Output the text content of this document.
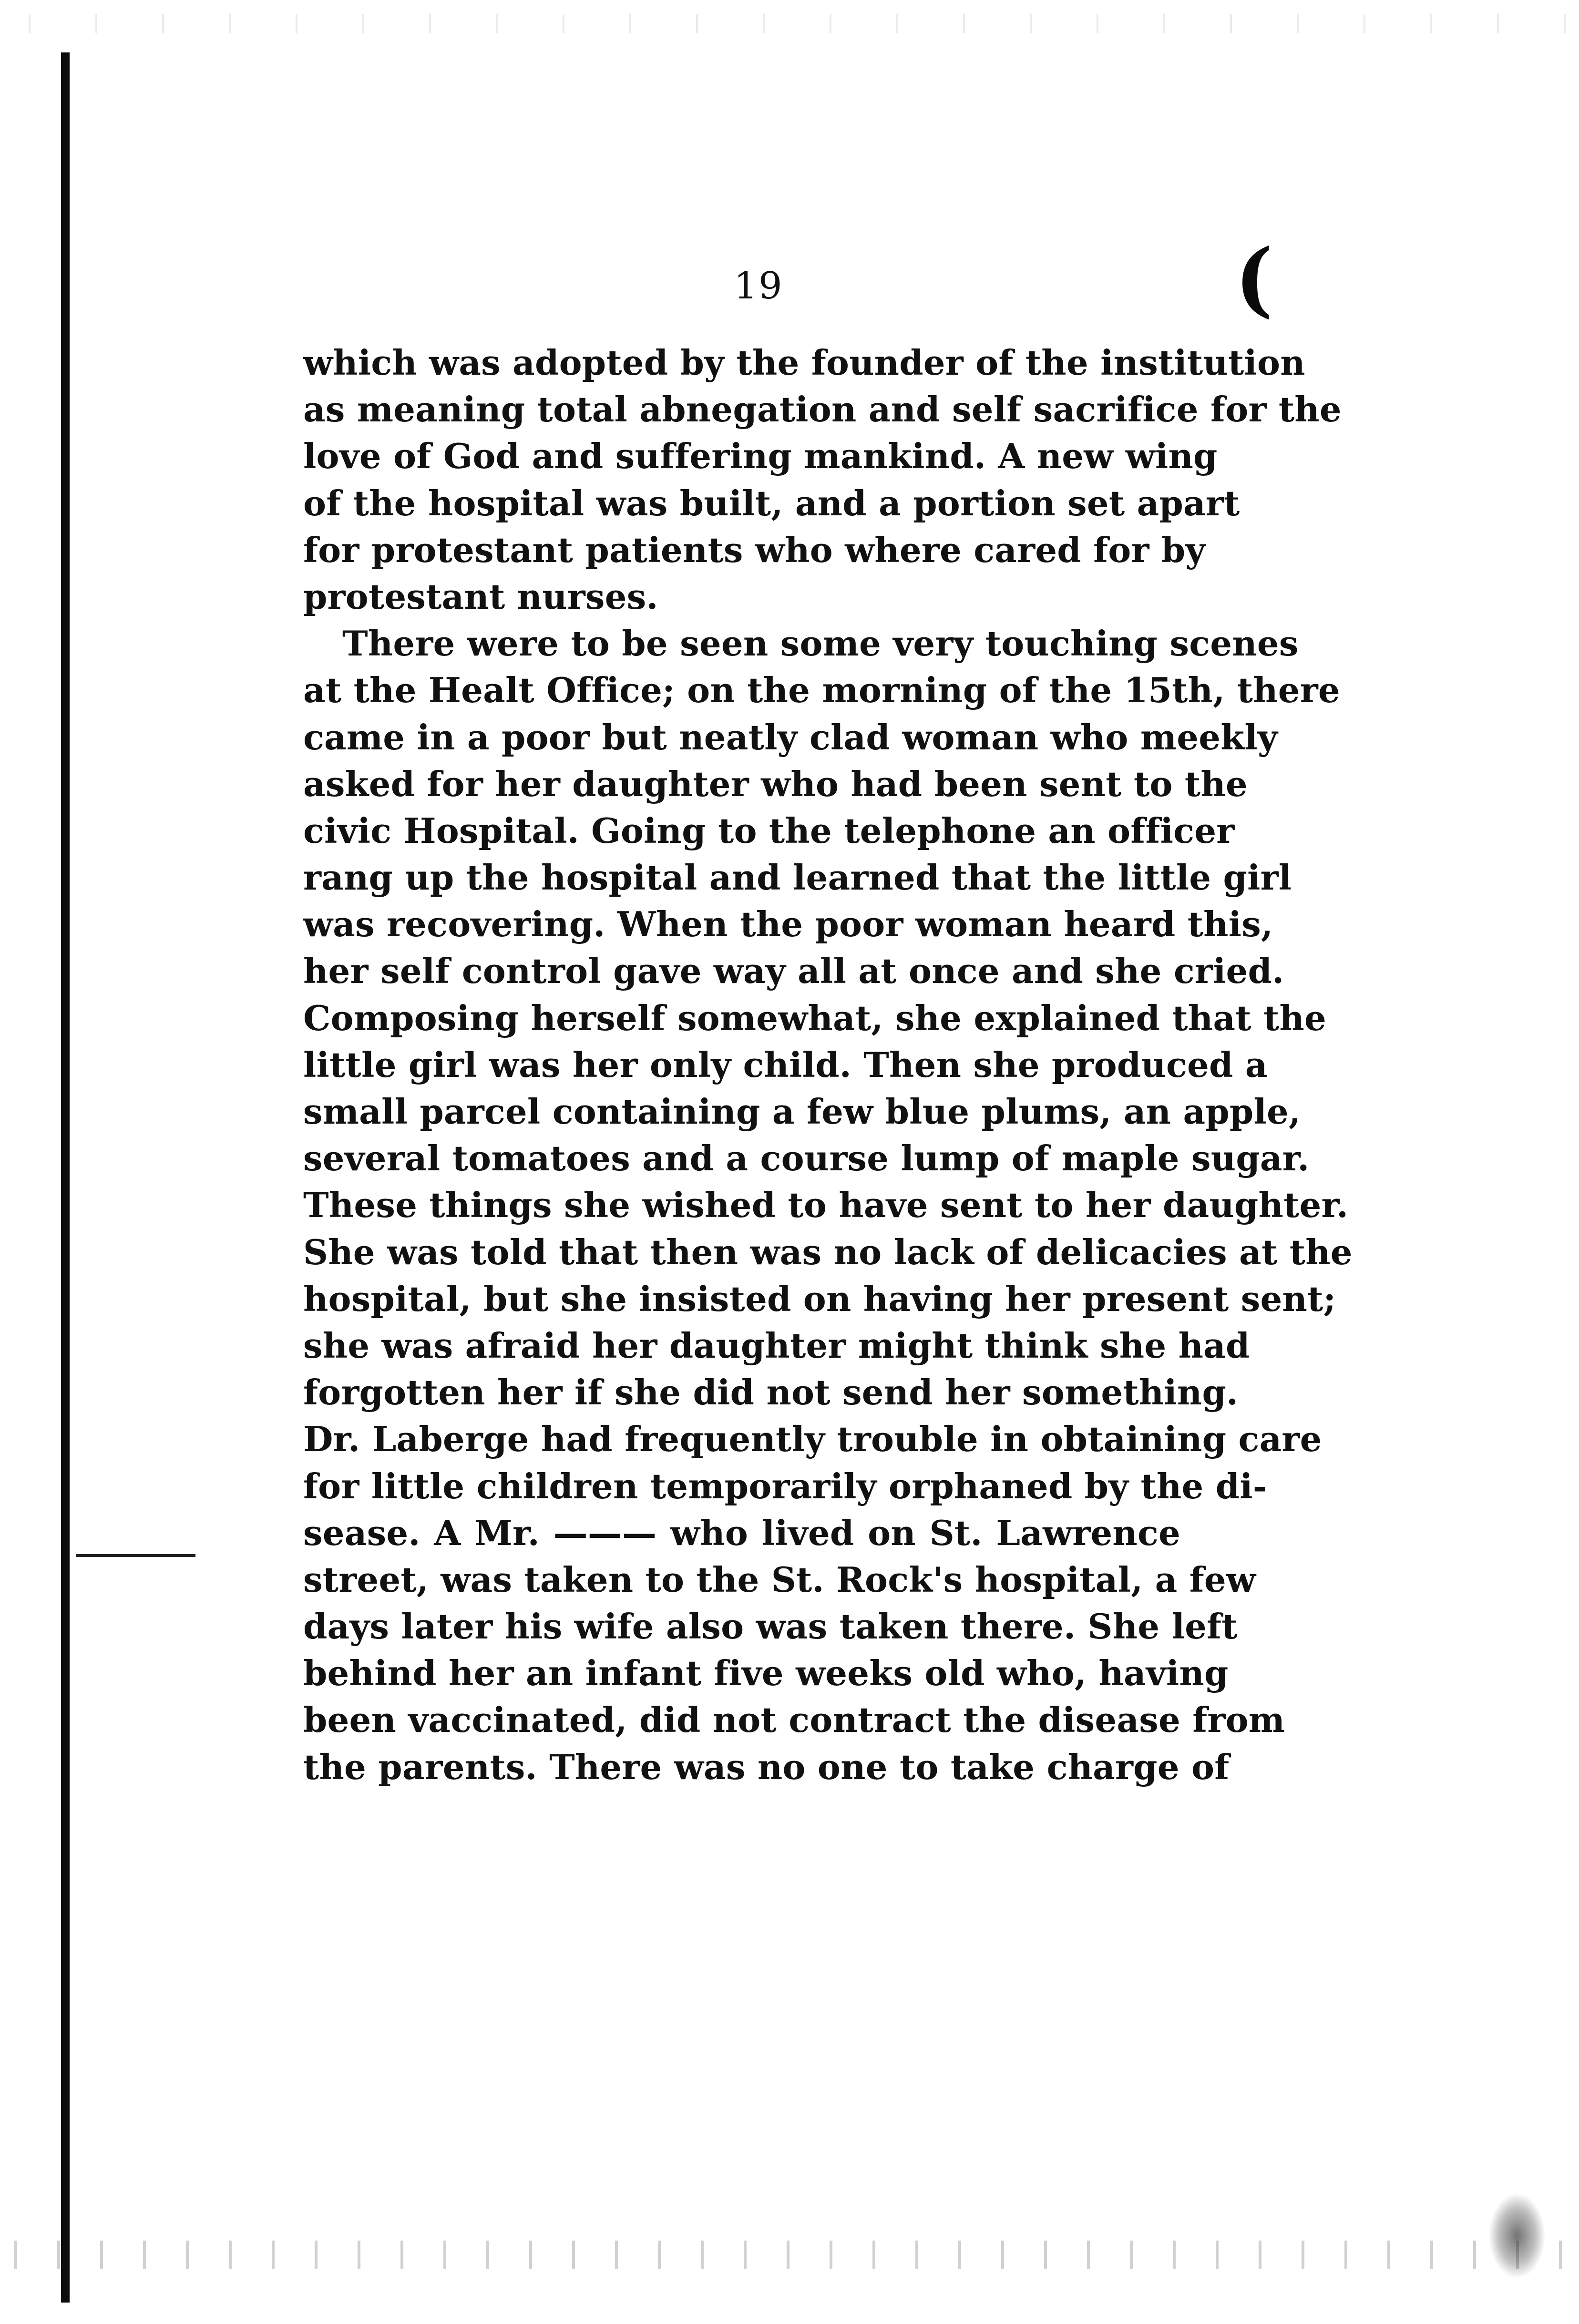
(
19
which was adopted by the founder of the institution
as meaning total abnegation and self sacrifice for the
love of God and suffering mankind. A new wing
of the hospital was built, and a portion set apart
for protestant patients who where cared for by
protestant nurses.
There were to be seen some very touching scenes
at the Healt Office; on the morning of the 15th, there
came in a poor but neatly clad woman who meekly
asked for her daughter who had been sent to the
civic Hospital. Going to the telephone an officer
rang up the hospital and learned that the little girl
was recovering. When the poor woman heard this,
her self control gave way all at once and she cried.
Composing herself somewhat, she explained that the
little girl was her only child. Then she produced a
small parcel containing a few blue plums, an apple,
several tomatoes and a course lump of maple sugar.
These things she wished to have sent to her daughter.
She was told that then was no lack of delicacies at the
hospital, but she insisted on having her present sent;
she was afraid her daughter might think she had
forgotten her if she did not send her something.
Dr. Laberge had frequently trouble in obtaining care
for little children temporarily orphaned by the di-
sease. A Mr. ——— who lived on St. Lawrence
street, was taken to the St. Rock's hospital, a few
days later his wife also was taken there. She left
behind her an infant five weeks old who, having
been vaccinated, did not contract the disease from
the parents. There was no one to take charge of
